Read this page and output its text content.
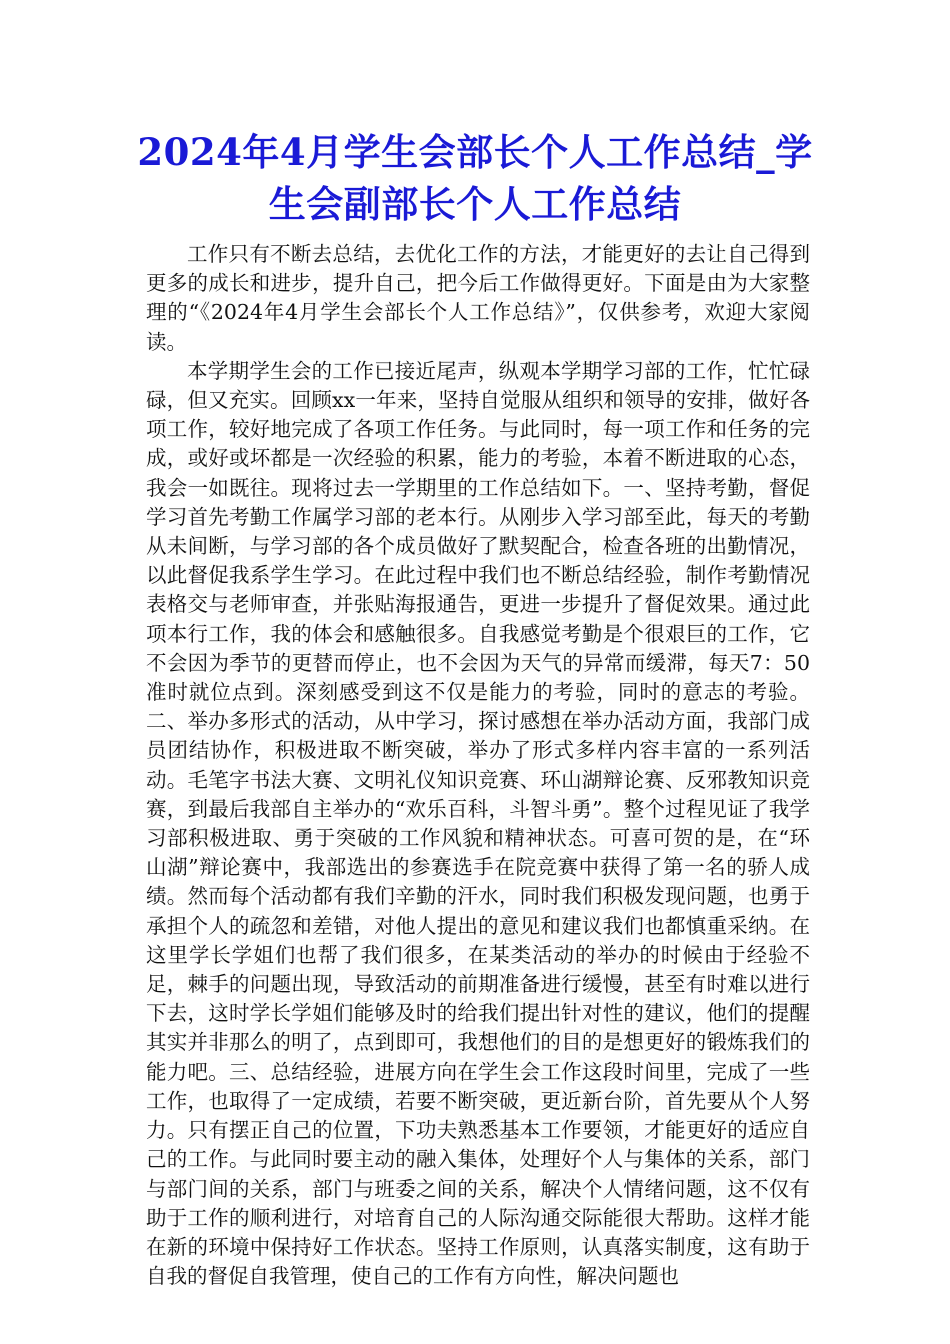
2024年4月学生会部长个人工作总结_学生会副部长个人工作总结

工作只有不断去总结，去优化工作的方法，才能更好的去让自己得到更多的成长和进步，提升自己，把今后工作做得更好。下面是由为大家整理的“《2024年4月学生会部长个人工作总结》”，仅供参考，欢迎大家阅读。

本学期学生会的工作已接近尾声，纵观本学期学习部的工作，忙忙碌碌，但又充实。回顾xx一年来，坚持自觉服从组织和领导的安排，做好各项工作，较好地完成了各项工作任务。与此同时，每一项工作和任务的完成，或好或坏都是一次经验的积累，能力的考验，本着不断进取的心态，我会一如既往。现将过去一学期里的工作总结如下。一、坚持考勤，督促学习首先考勤工作属学习部的老本行。从刚步入学习部至此，每天的考勤从未间断，与学习部的各个成员做好了默契配合，检查各班的出勤情况，以此督促我系学生学习。在此过程中我们也不断总结经验，制作考勤情况表格交与老师审查，并张贴海报通告，更进一步提升了督促效果。通过此项本行工作，我的体会和感触很多。自我感觉考勤是个很艰巨的工作，它不会因为季节的更替而停止，也不会因为天气的异常而缓滞，每天7：50准时就位点到。深刻感受到这不仅是能力的考验，同时的意志的考验。二、举办多形式的活动，从中学习，探讨感想在举办活动方面，我部门成员团结协作，积极进取不断突破，举办了形式多样内容丰富的一系列活动。毛笔字书法大赛、文明礼仪知识竞赛、环山湖辩论赛、反邪教知识竞赛，到最后我部自主举办的“欢乐百科，斗智斗勇”。整个过程见证了我学习部积极进取、勇于突破的工作风貌和精神状态。可喜可贺的是，在“环山湖”辩论赛中，我部选出的参赛选手在院竞赛中获得了第一名的骄人成绩。然而每个活动都有我们辛勤的汗水，同时我们积极发现问题，也勇于承担个人的疏忽和差错，对他人提出的意见和建议我们也都慎重采纳。在这里学长学姐们也帮了我们很多，在某类活动的举办的时候由于经验不足，棘手的问题出现，导致活动的前期准备进行缓慢，甚至有时难以进行下去，这时学长学姐们能够及时的给我们提出针对性的建议，他们的提醒其实并非那么的明了，点到即可，我想他们的目的是想更好的锻炼我们的能力吧。三、总结经验，进展方向在学生会工作这段时间里，完成了一些工作，也取得了一定成绩，若要不断突破，更近新台阶，首先要从个人努力。只有摆正自己的位置，下功夫熟悉基本工作要领，才能更好的适应自己的工作。与此同时要主动的融入集体，处理好个人与集体的关系，部门与部门间的关系，部门与班委之间的关系，解决个人情绪问题，这不仅有助于工作的顺利进行，对培育自己的人际沟通交际能很大帮助。这样才能在新的环境中保持好工作状态。坚持工作原则，认真落实制度，这有助于自我的督促自我管理，使自己的工作有方向性，解决问题也
